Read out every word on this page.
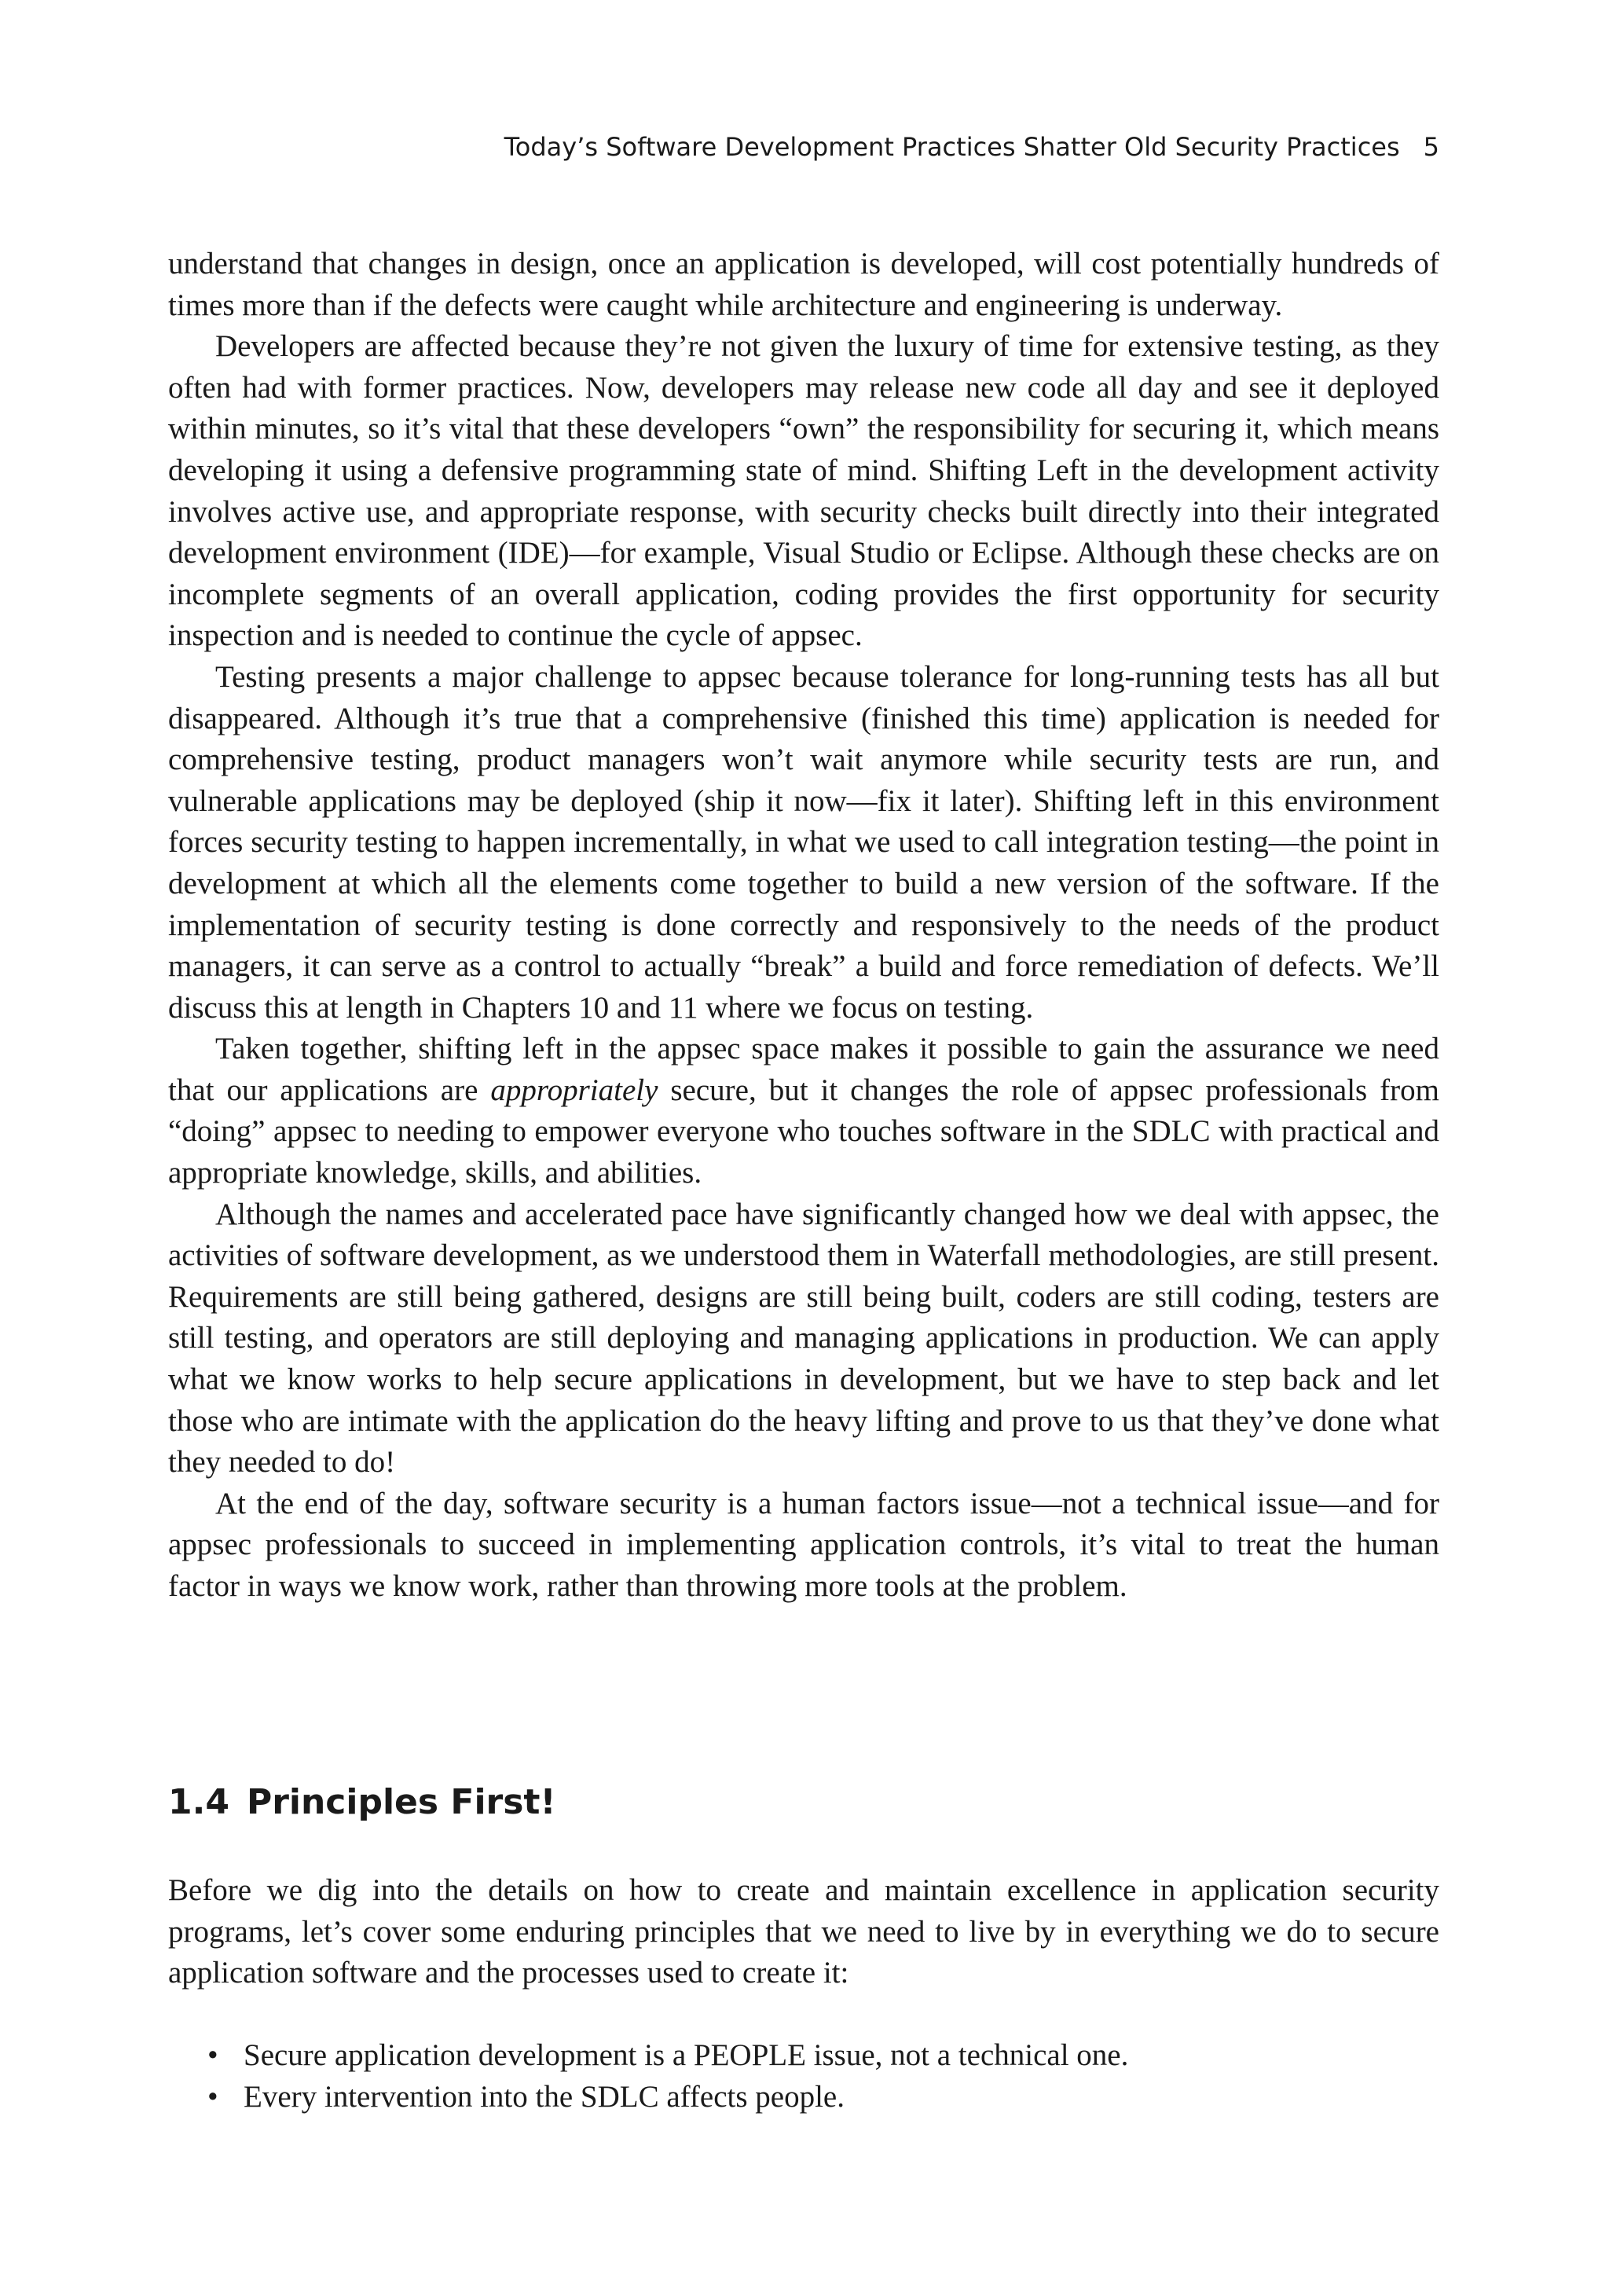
Today’s Software Development Practices Shatter Old Security Practices 5

understand that changes in design, once an application is developed, will cost potentially hundreds of times more than if the defects were caught while architecture and engineering is underway.

Developers are affected because they’re not given the luxury of time for extensive testing, as they often had with former practices. Now, developers may release new code all day and see it deployed within minutes, so it’s vital that these developers “own” the responsibility for securing it, which means developing it using a defensive programming state of mind. Shifting Left in the development activity involves active use, and appropriate response, with security checks built directly into their integrated development environment (IDE)—for example, Visual Studio or Eclipse. Although these checks are on incomplete segments of an overall application, coding provides the first opportunity for security inspection and is needed to continue the cycle of appsec.

Testing presents a major challenge to appsec because tolerance for long-running tests has all but disappeared. Although it’s true that a comprehensive (finished this time) application is needed for comprehensive testing, product managers won’t wait anymore while security tests are run, and vulnerable applications may be deployed (ship it now—fix it later). Shifting left in this environment forces security testing to happen incrementally, in what we used to call integration testing—the point in development at which all the elements come together to build a new version of the software. If the implementation of security testing is done correctly and responsively to the needs of the product managers, it can serve as a control to actually “break” a build and force remediation of defects. We’ll discuss this at length in Chapters 10 and 11 where we focus on testing.

Taken together, shifting left in the appsec space makes it possible to gain the assurance we need that our applications are appropriately secure, but it changes the role of appsec professionals from “doing” appsec to needing to empower everyone who touches software in the SDLC with practical and appropriate knowledge, skills, and abilities.

Although the names and accelerated pace have significantly changed how we deal with appsec, the activities of software development, as we understood them in Waterfall methodologies, are still present. Requirements are still being gathered, designs are still being built, coders are still coding, testers are still testing, and operators are still deploying and managing applications in production. We can apply what we know works to help secure applications in development, but we have to step back and let those who are intimate with the application do the heavy lifting and prove to us that they’ve done what they needed to do!

At the end of the day, software security is a human factors issue—not a technical issue—and for appsec professionals to succeed in implementing application controls, it’s vital to treat the human factor in ways we know work, rather than throwing more tools at the problem.

1.4 Principles First!

Before we dig into the details on how to create and maintain excellence in application security programs, let’s cover some enduring principles that we need to live by in everything we do to secure application software and the processes used to create it:

• Secure application development is a PEOPLE issue, not a technical one.
• Every intervention into the SDLC affects people.
